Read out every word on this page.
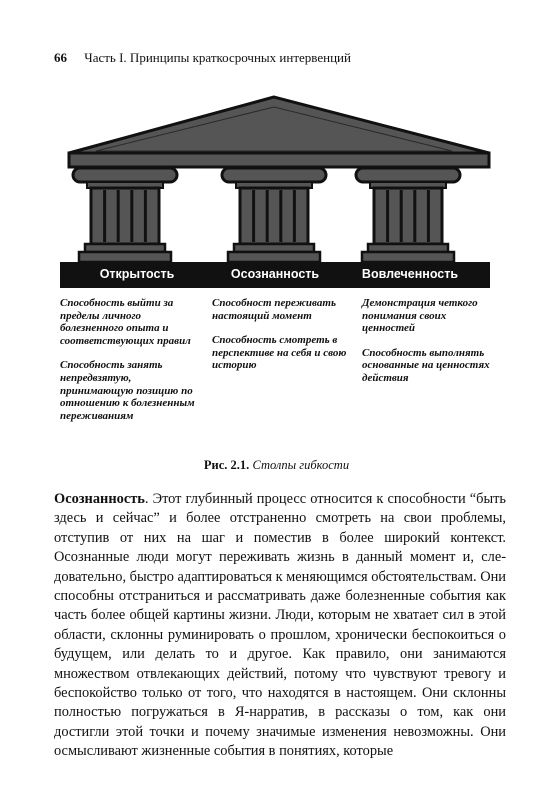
66 Часть I. Принципы краткосрочных интервенций
Открытость	Осознанность	Вовлеченность

Способность выйти за пределы личного болезненного опыта и соответствующих правил

Способность занять непредвзятую, принимающую позицию по отношению к болезненным переживаниям

Способност переживать настоящий момент

Способность смотреть в перспективе на себя и свою историю

Демонстрация четкого понимания своих ценностей

Способность выполнять основанные на ценностях действия

Рис. 2.1. Столпы гибкости
Осознанность. Этот глубинный процесс относится к способности “быть здесь и сейчас” и более отстраненно смотреть на свои проблемы, отступив от них на шаг и поместив в более широкий контекст. Осознанные люди могут переживать жизнь в данный момент и, следовательно, быстро адаптироваться к меняющимся обстоятельствам. Они способны отстраниться и рассматривать даже болезненные события как часть более общей картины жизни. Люди, которым не хватает сил в этой области, склонны руминировать о прошлом, хронически беспокоиться о будущем, или делать то и другое. Как правило, они занимаются множеством отвлекающих действий, потому что чувствуют тревогу и беспокойство только от того, что находятся в настоящем. Они склонны полностью погружаться в Я-нарратив, в рассказы о том, как они достигли этой точки и почему значимые изменения невозможны. Они осмысливают жизненные события в понятиях, которые
